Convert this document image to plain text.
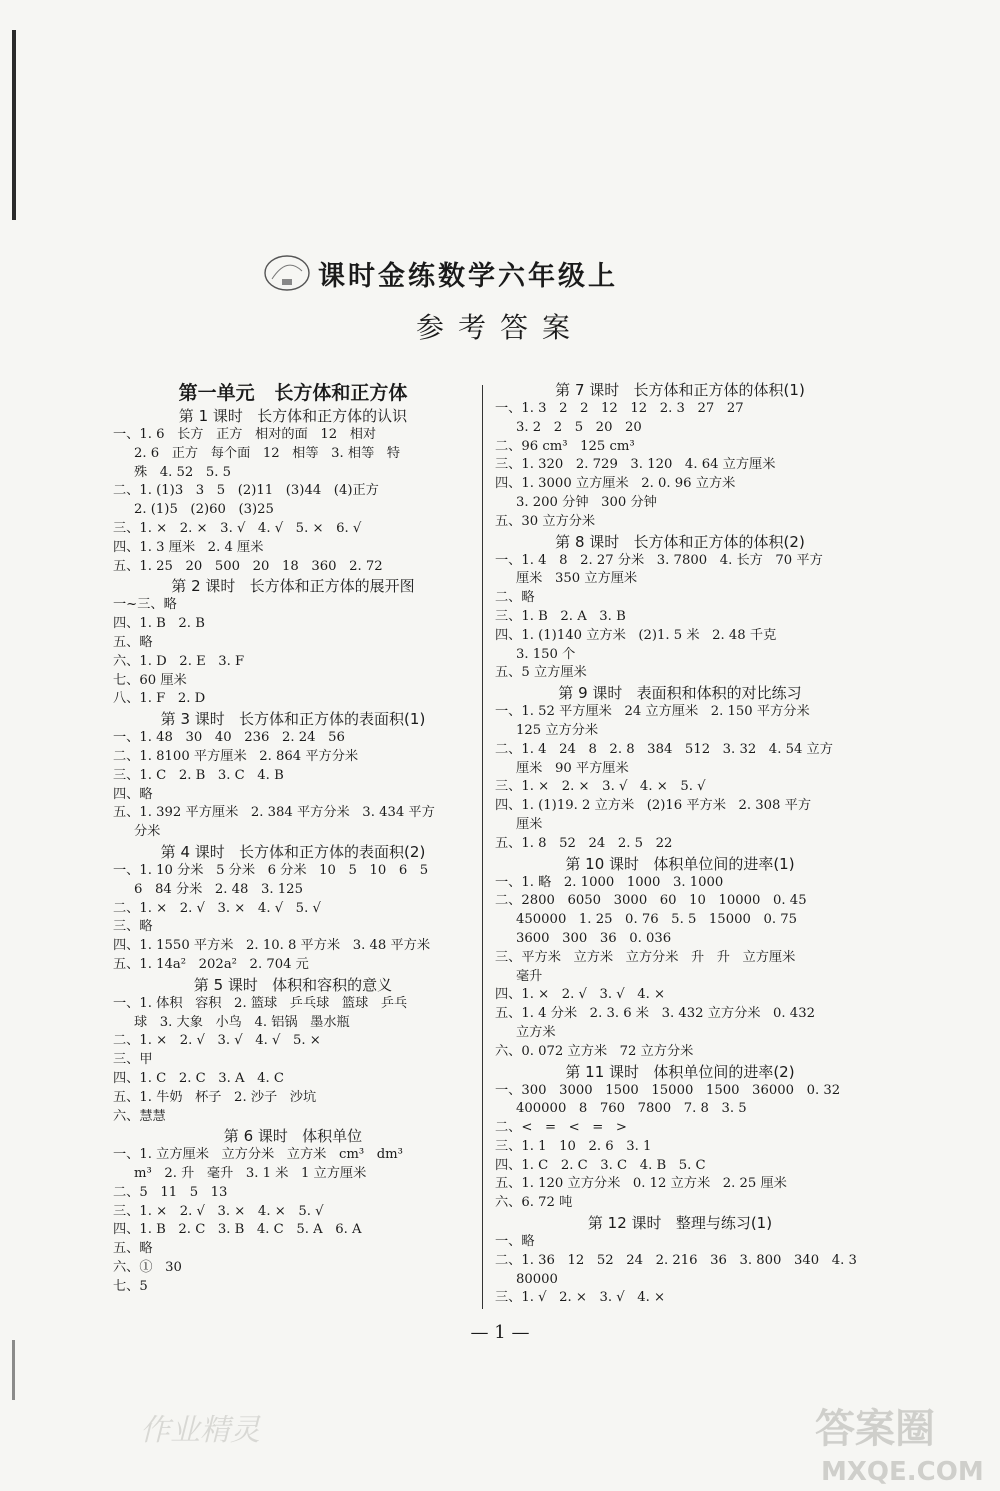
课时金练数学六年级上
参考答案
第一单元   长方体和正方体
第 1 课时   长方体和正方体的认识
一、1. 6   长方   正方   相对的面   12   相对
2. 6   正方   每个面   12   相等   3. 相等   特
殊   4. 52   5. 5
二、1. (1)3   3   5   (2)11   (3)44   (4)正方
2. (1)5   (2)60   (3)25
三、1. ×   2. ×   3. √   4. √   5. ×   6. √
四、1. 3 厘米   2. 4 厘米
五、1. 25   20   500   20   18   360   2. 72
第 2 课时   长方体和正方体的展开图
一~三、略
四、1. B   2. B
五、略
六、1. D   2. E   3. F
七、60 厘米
八、1. F   2. D
第 3 课时   长方体和正方体的表面积(1)
一、1. 48   30   40   236   2. 24   56
二、1. 8100 平方厘米   2. 864 平方分米
三、1. C   2. B   3. C   4. B
四、略
五、1. 392 平方厘米   2. 384 平方分米   3. 434 平方
分米
第 4 课时   长方体和正方体的表面积(2)
一、1. 10 分米   5 分米   6 分米   10   5   10   6   5
6   84 分米   2. 48   3. 125
二、1. ×   2. √   3. ×   4. √   5. √
三、略
四、1. 1550 平方米   2. 10. 8 平方米   3. 48 平方米
五、1. 14a²   202a²   2. 704 元
第 5 课时   体积和容积的意义
一、1. 体积   容积   2. 篮球   乒乓球   篮球   乒乓
球   3. 大象   小鸟   4. 铝锅   墨水瓶
二、1. ×   2. √   3. √   4. √   5. ×
三、甲
四、1. C   2. C   3. A   4. C
五、1. 牛奶   杯子   2. 沙子   沙坑
六、慧慧
第 6 课时   体积单位
一、1. 立方厘米   立方分米   立方米   cm³   dm³
m³   2. 升   毫升   3. 1 米   1 立方厘米
二、5   11   5   13
三、1. ×   2. √   3. ×   4. ×   5. √
四、1. B   2. C   3. B   4. C   5. A   6. A
五、略
六、①   30
七、5
第 7 课时   长方体和正方体的体积(1)
一、1. 3   2   2   12   12   2. 3   27   27
3. 2   2   5   20   20
二、96 cm³   125 cm³
三、1. 320   2. 729   3. 120   4. 64 立方厘米
四、1. 3000 立方厘米   2. 0. 96 立方米
3. 200 分钟   300 分钟
五、30 立方分米
第 8 课时   长方体和正方体的体积(2)
一、1. 4   8   2. 27 分米   3. 7800   4. 长方   70 平方
厘米   350 立方厘米
二、略
三、1. B   2. A   3. B
四、1. (1)140 立方米   (2)1. 5 米   2. 48 千克
3. 150 个
五、5 立方厘米
第 9 课时   表面积和体积的对比练习
一、1. 52 平方厘米   24 立方厘米   2. 150 平方分米
125 立方分米
二、1. 4   24   8   2. 8   384   512   3. 32   4. 54 立方
厘米   90 平方厘米
三、1. ×   2. ×   3. √   4. ×   5. √
四、1. (1)19. 2 立方米   (2)16 平方米   2. 308 平方
厘米
五、1. 8   52   24   2. 5   22
第 10 课时   体积单位间的进率(1)
一、1. 略   2. 1000   1000   3. 1000
二、2800   6050   3000   60   10   10000   0. 45
450000   1. 25   0. 76   5. 5   15000   0. 75
3600   300   36   0. 036
三、平方米   立方米   立方分米   升   升   立方厘米
毫升
四、1. ×   2. √   3. √   4. ×
五、1. 4 分米   2. 3. 6 米   3. 432 立方分米   0. 432
立方米
六、0. 072 立方米   72 立方分米
第 11 课时   体积单位间的进率(2)
一、300   3000   1500   15000   1500   36000   0. 32
400000   8   760   7800   7. 8   3. 5
二、<   =   <   =   >
三、1. 1   10   2. 6   3. 1
四、1. C   2. C   3. C   4. B   5. C
五、1. 120 立方分米   0. 12 立方米   2. 25 厘米
六、6. 72 吨
第 12 课时   整理与练习(1)
一、略
二、1. 36   12   52   24   2. 216   36   3. 800   340   4. 3
80000
三、1. √   2. ×   3. √   4. ×
— 1 —
作业精灵	答案圈
MXQE.COM
